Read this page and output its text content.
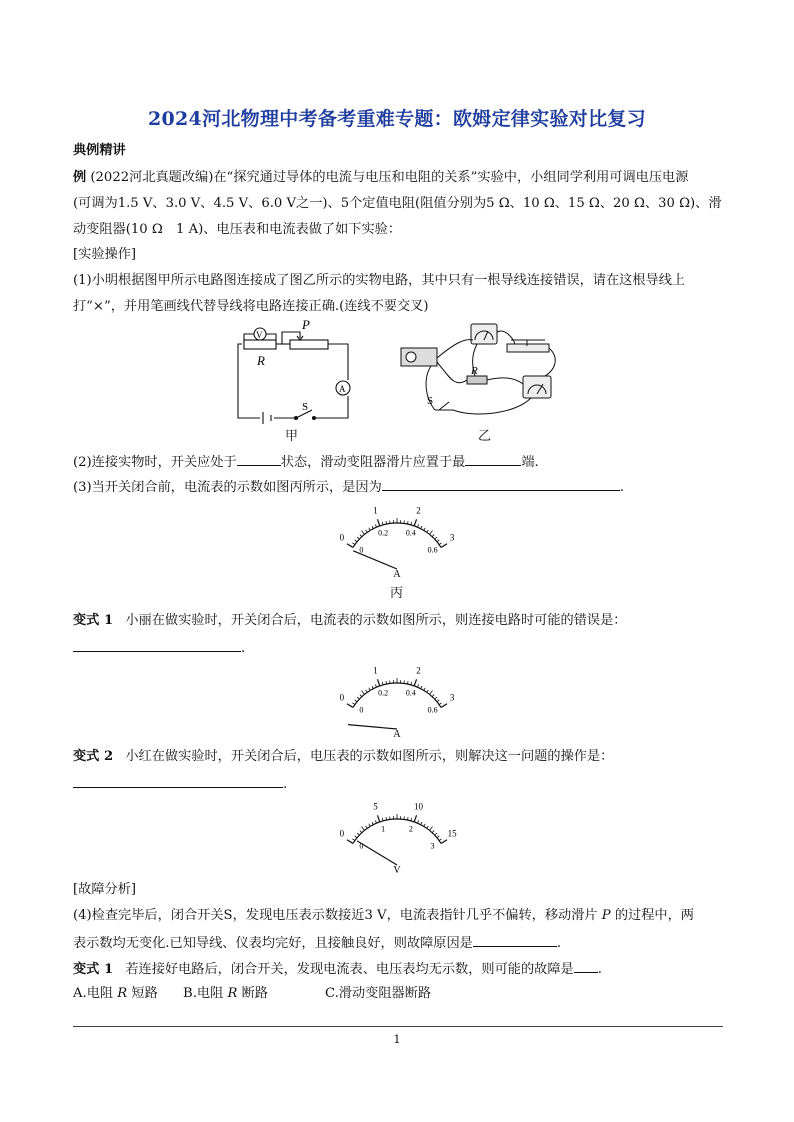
2024河北物理中考备考重难专题：欧姆定律实验对比复习
典例精讲
例 (2022河北真题改编)在“探究通过导体的电流与电压和电阻的关系”实验中，小组同学利用可调电压电源
(可调为1.5 V、3.0 V、4.5 V、6.0 V之一)、5个定值电阻(阻值分别为5 Ω、10 Ω、15 Ω、20 Ω、30 Ω)、滑
动变阻器(10 Ω　1 A)、电压表和电流表做了如下实验：
[实验操作]
(1)小明根据图甲所示电路图连接成了图乙所示的实物电路，其中只有一根导线连接错误，请在这根导线上
打“×”，并用笔画线代替导线将电路连接正确.(连线不要交叉)
V
R
P
A
S
甲
R
S
乙
(2)连接实物时，开关应处于	状态，滑动变阻器滑片应置于最	端.
(3)当开关闭合前，电流表的示数如图丙所示，是因为	.
0
1	2
3
0
0.2 0.4
0.6
A
丙
变式 1 小丽在做实验时，开关闭合后，电流表的示数如图所示，则连接电路时可能的错误是：
.
0
1	2
3
0
0.2 0.4
0.6
A
变式 2 小红在做实验时，开关闭合后，电压表的示数如图所示，则解决这一问题的操作是：
.
0
5	10
15
0
1	2
3
V
[故障分析]
(4)检查完毕后，闭合开关S，发现电压表示数接近3 V，电流表指针几乎不偏转，移动滑片 P 的过程中，两
表示数均无变化.已知导线、仪表均完好，且接触良好，则故障原因是	.
变式 1 若连接好电路后，闭合开关，发现电流表、电压表均无示数，则可能的故障是 .
A.电阻 R 短路 B.电阻 R 断路	C.滑动变阻器断路
1
